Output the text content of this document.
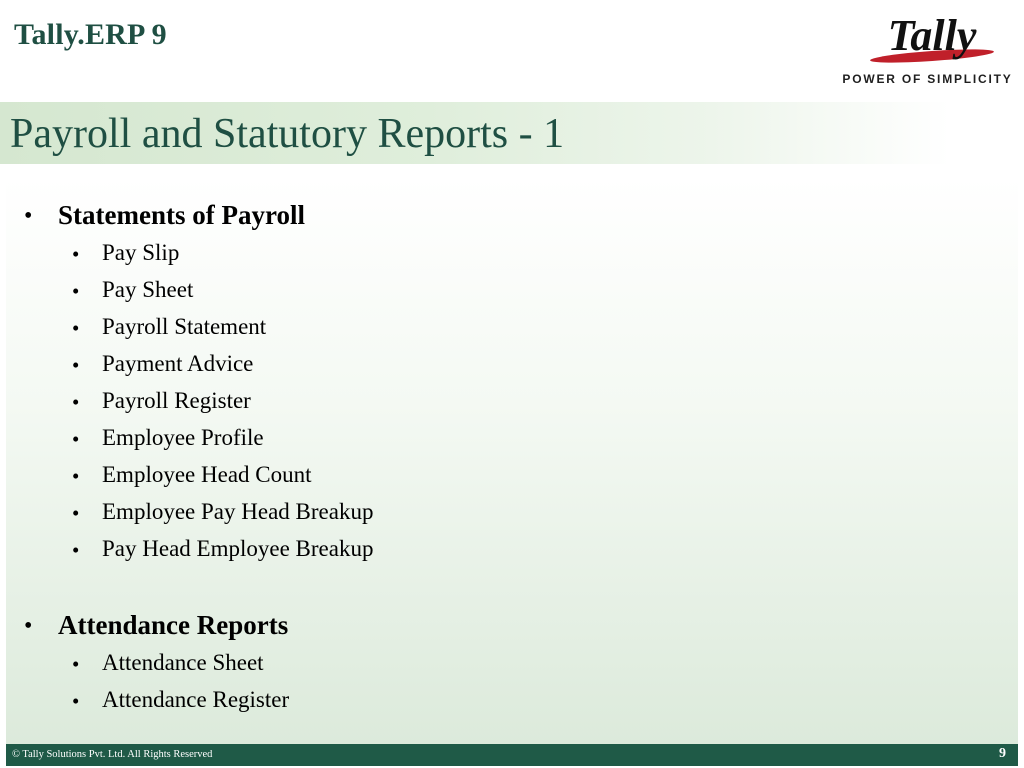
Tally.ERP 9	Tally
POWER OF SIMPLICITY
Payroll and Statutory Reports - 1
• Statements of Payroll
• Pay Slip
• Pay Sheet
• Payroll Statement
• Payment Advice
• Payroll Register
• Employee Profile
• Employee Head Count
• Employee Pay Head Breakup
• Pay Head Employee Breakup
• Attendance Reports
• Attendance Sheet
• Attendance Register
© Tally Solutions Pvt. Ltd. All Rights Reserved	9
